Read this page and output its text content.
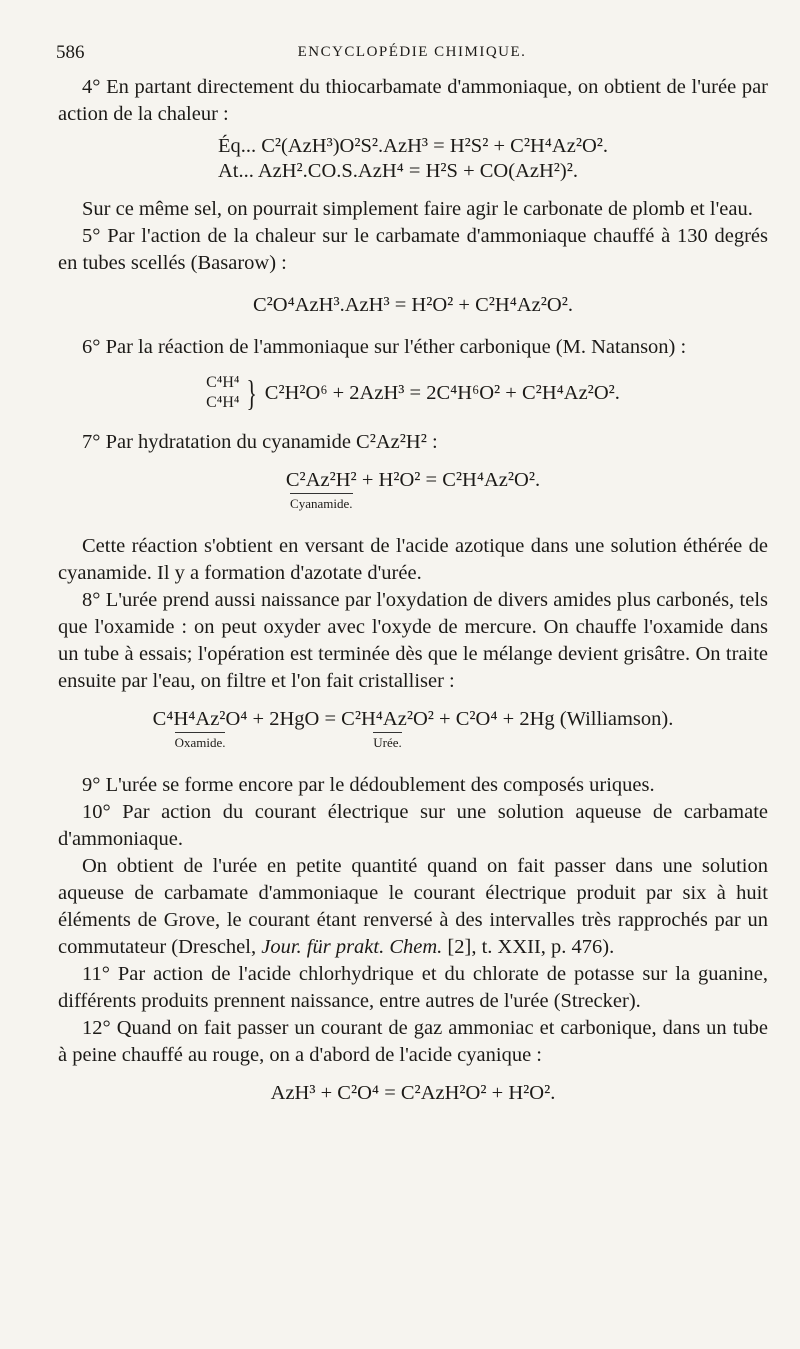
586	ENCYCLOPÉDIE CHIMIQUE.

4° En partant directement du thiocarbamate d'ammoniaque, on obtient de l'urée par action de la chaleur :

Éq... C²(AzH³)O²S².AzH³ = H²S² + C²H⁴Az²O².
At... AzH².CO.S.AzH⁴ = H²S + CO(AzH²)².

Sur ce même sel, on pourrait simplement faire agir le carbonate de plomb et l'eau.

5° Par l'action de la chaleur sur le carbamate d'ammoniaque chauffé à 130 degrés en tubes scellés (Basarow) :

C²O⁴AzH³.AzH³ = H²O² + C²H⁴Az²O².

6° Par la réaction de l'ammoniaque sur l'éther carbonique (M. Natanson) :

C⁴H⁴
C⁴H⁴ } C²H²O⁶ + 2AzH³ = 2C⁴H⁶O² + C²H⁴Az²O².

7° Par hydratation du cyanamide C²Az²H² :

C²Az²H²
Cyanamide.
+ H²O² = C²H⁴Az²O².

Cette réaction s'obtient en versant de l'acide azotique dans une solution éthérée de cyanamide. Il y a formation d'azotate d'urée.

8° L'urée prend aussi naissance par l'oxydation de divers amides plus carbonés, tels que l'oxamide : on peut oxyder avec l'oxyde de mercure. On chauffe l'oxamide dans un tube à essais; l'opération est terminée dès que le mélange devient grisâtre. On traite ensuite par l'eau, on filtre et l'on fait cristalliser :

C⁴H⁴Az²O⁴
Oxamide.
+ 2HgO = C²H⁴Az²O²
Urée.
+ C²O⁴ + 2Hg (Williamson).

9° L'urée se forme encore par le dédoublement des composés uriques.

10° Par action du courant électrique sur une solution aqueuse de carbamate d'ammoniaque.

On obtient de l'urée en petite quantité quand on fait passer dans une solution aqueuse de carbamate d'ammoniaque le courant électrique produit par six à huit éléments de Grove, le courant étant renversé à des intervalles très rapprochés par un commutateur (Dreschel, Jour. für prakt. Chem. [2], t. XXII, p. 476).

11° Par action de l'acide chlorhydrique et du chlorate de potasse sur la guanine, différents produits prennent naissance, entre autres de l'urée (Strecker).

12° Quand on fait passer un courant de gaz ammoniac et carbonique, dans un tube à peine chauffé au rouge, on a d'abord de l'acide cyanique :

AzH³ + C²O⁴ = C²AzH²O² + H²O².
